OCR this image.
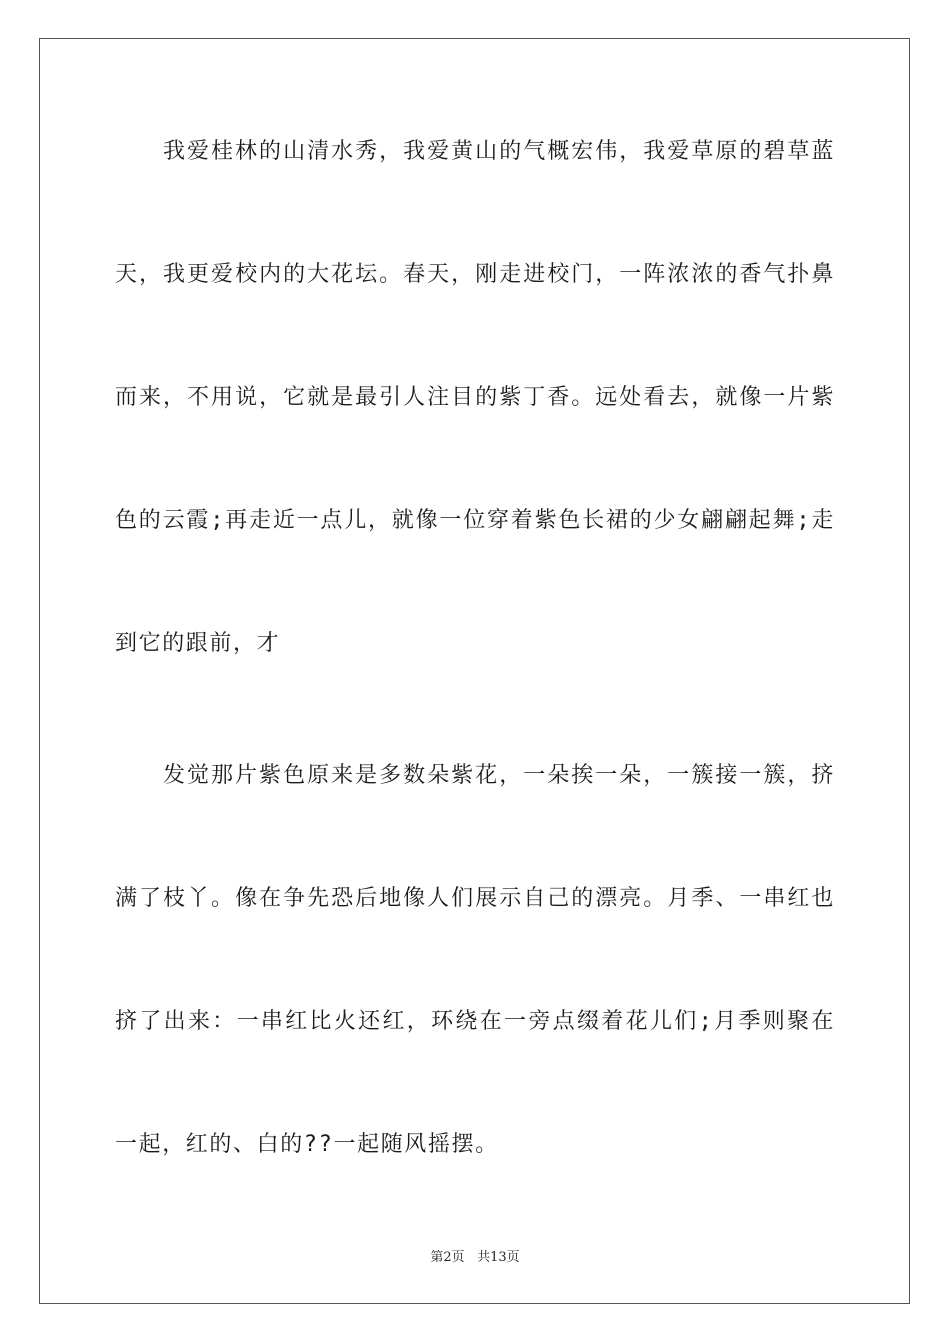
我爱桂林的山清水秀，我爱黄山的气概宏伟，我爱草原的碧草蓝天，我更爱校内的大花坛。春天，刚走进校门，一阵浓浓的香气扑鼻而来，不用说，它就是最引人注目的紫丁香。远处看去，就像一片紫色的云霞;再走近一点儿，就像一位穿着紫色长裙的少女翩翩起舞;走到它的跟前，才

发觉那片紫色原来是多数朵紫花，一朵挨一朵，一簇接一簇，挤满了枝丫。像在争先恐后地像人们展示自己的漂亮。月季、一串红也挤了出来：一串红比火还红，环绕在一旁点缀着花儿们;月季则聚在一起，红的、白的??一起随风摇摆。

第2页 共13页
